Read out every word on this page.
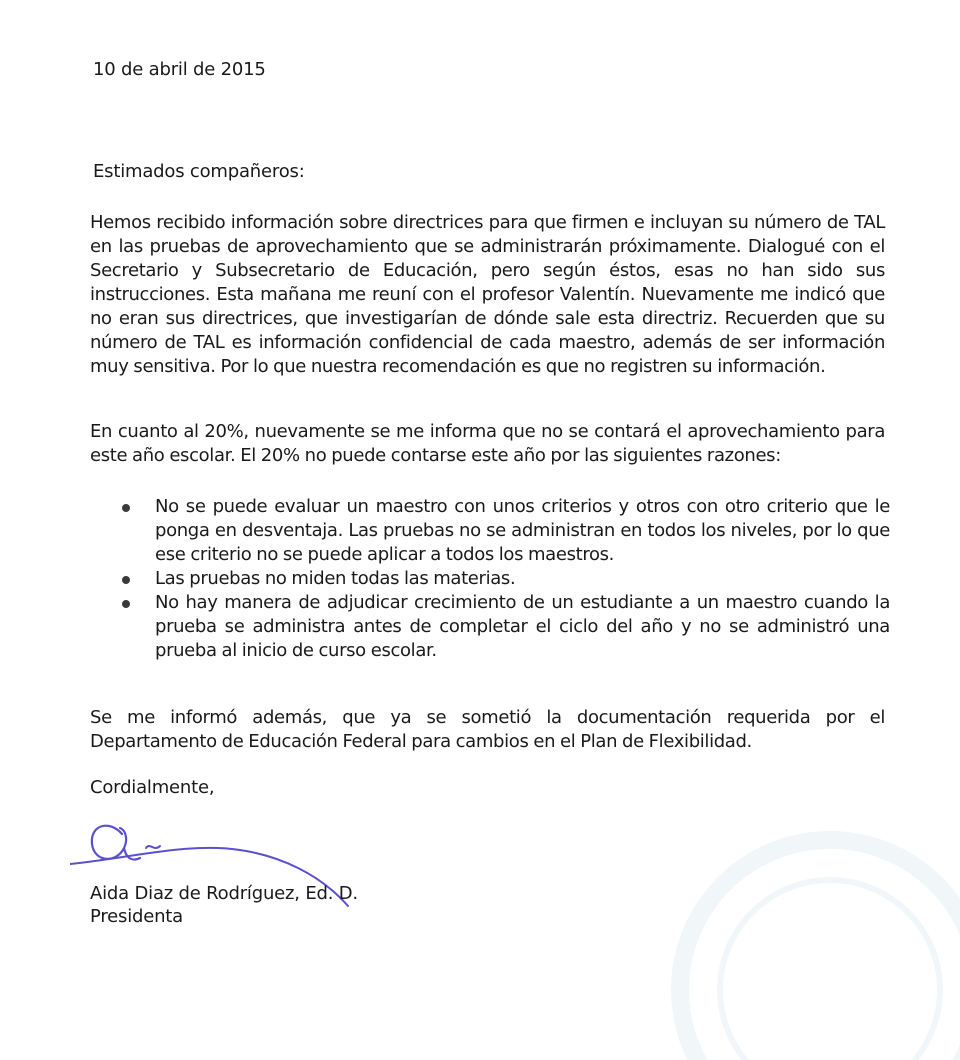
10 de abril de 2015
Estimados compañeros:

Hemos recibido información sobre directrices para que firmen e incluyan su número de TAL en las pruebas de aprovechamiento que se administrarán próximamente. Dialogué con el Secretario y Subsecretario de Educación, pero según éstos, esas no han sido sus instrucciones. Esta mañana me reuní con el profesor Valentín. Nuevamente me indicó que no eran sus directrices, que investigarían de dónde sale esta directriz. Recuerden que su número de TAL es información confidencial de cada maestro, además de ser información muy sensitiva. Por lo que nuestra recomendación es que no registren su información.

En cuanto al 20%, nuevamente se me informa que no se contará el aprovechamiento para este año escolar. El 20% no puede contarse este año por las siguientes razones:

No se puede evaluar un maestro con unos criterios y otros con otro criterio que le ponga en desventaja. Las pruebas no se administran en todos los niveles, por lo que ese criterio no se puede aplicar a todos los maestros.
Las pruebas no miden todas las materias.
No hay manera de adjudicar crecimiento de un estudiante a un maestro cuando la prueba se administra antes de completar el ciclo del año y no se administró una prueba al inicio de curso escolar.

Se me informó además, que ya se sometió la documentación requerida por el Departamento de Educación Federal para cambios en el Plan de Flexibilidad.

Cordialmente,
Aida Diaz de Rodríguez, Ed. D.
Presidenta
